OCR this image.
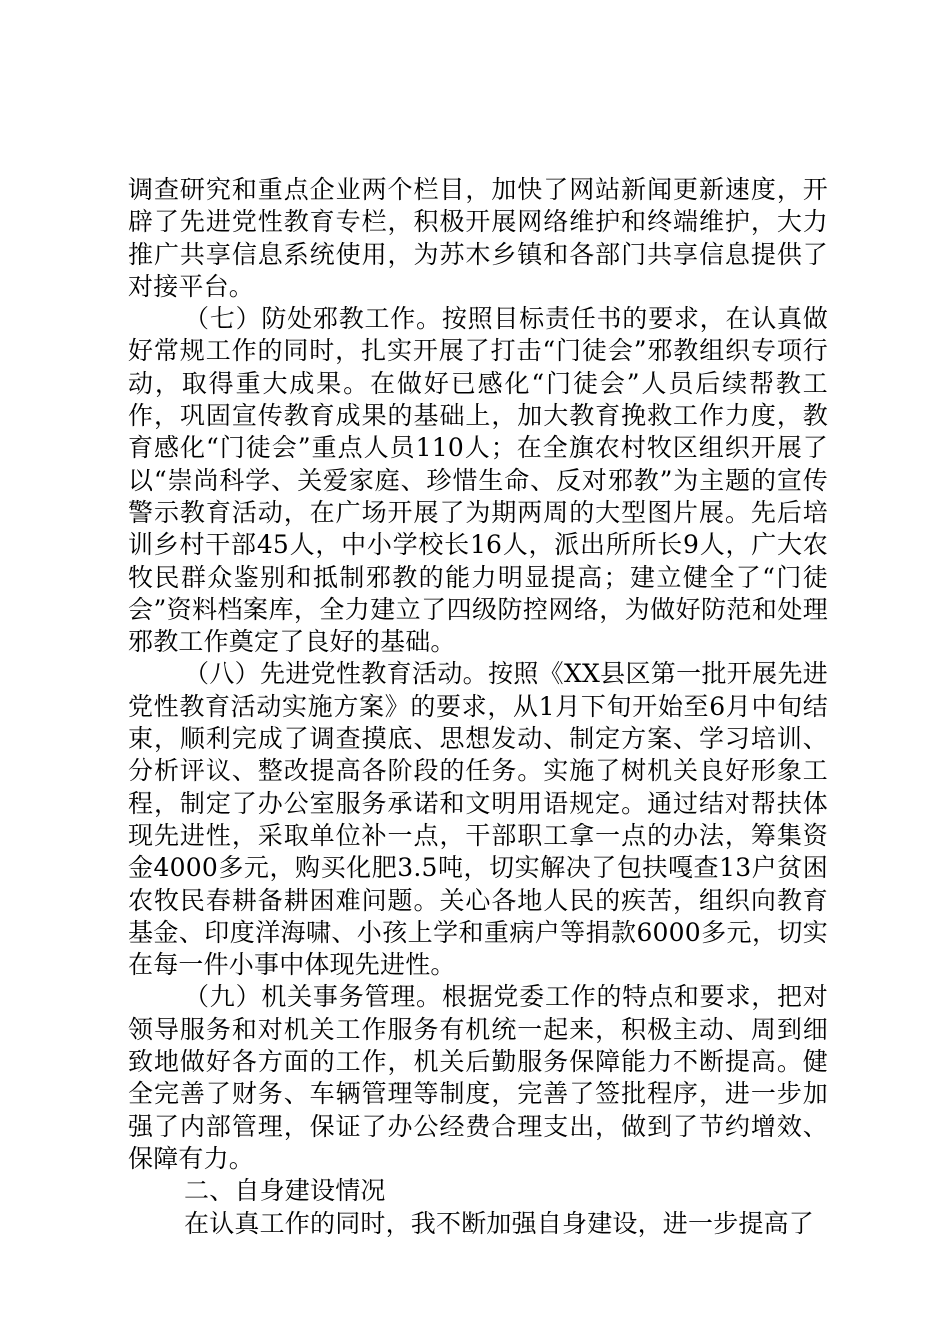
调查研究和重点企业两个栏目，加快了网站新闻更新速度，开辟了先进党性教育专栏，积极开展网络维护和终端维护，大力推广共享信息系统使用，为苏木乡镇和各部门共享信息提供了对接平台。

（七）防处邪教工作。按照目标责任书的要求，在认真做好常规工作的同时，扎实开展了打击“门徒会”邪教组织专项行动，取得重大成果。在做好已感化“门徒会”人员后续帮教工作，巩固宣传教育成果的基础上，加大教育挽救工作力度，教育感化“门徒会”重点人员110人；在全旗农村牧区组织开展了以“崇尚科学、关爱家庭、珍惜生命、反对邪教”为主题的宣传警示教育活动，在广场开展了为期两周的大型图片展。先后培训乡村干部45人，中小学校长16人，派出所所长9人，广大农牧民群众鉴别和抵制邪教的能力明显提高；建立健全了“门徒会”资料档案库，全力建立了四级防控网络，为做好防范和处理邪教工作奠定了良好的基础。

（八）先进党性教育活动。按照《XX县区第一批开展先进党性教育活动实施方案》的要求，从1月下旬开始至6月中旬结束，顺利完成了调查摸底、思想发动、制定方案、学习培训、分析评议、整改提高各阶段的任务。实施了树机关良好形象工程，制定了办公室服务承诺和文明用语规定。通过结对帮扶体现先进性，采取单位补一点，干部职工拿一点的办法，筹集资金4000多元，购买化肥3.5吨，切实解决了包扶嘎查13户贫困农牧民春耕备耕困难问题。关心各地人民的疾苦，组织向教育基金、印度洋海啸、小孩上学和重病户等捐款6000多元，切实在每一件小事中体现先进性。

（九）机关事务管理。根据党委工作的特点和要求，把对领导服务和对机关工作服务有机统一起来，积极主动、周到细致地做好各方面的工作，机关后勤服务保障能力不断提高。健全完善了财务、车辆管理等制度，完善了签批程序，进一步加强了内部管理，保证了办公经费合理支出，做到了节约增效、保障有力。

二、自身建设情况

在认真工作的同时，我不断加强自身建设，进一步提高了
